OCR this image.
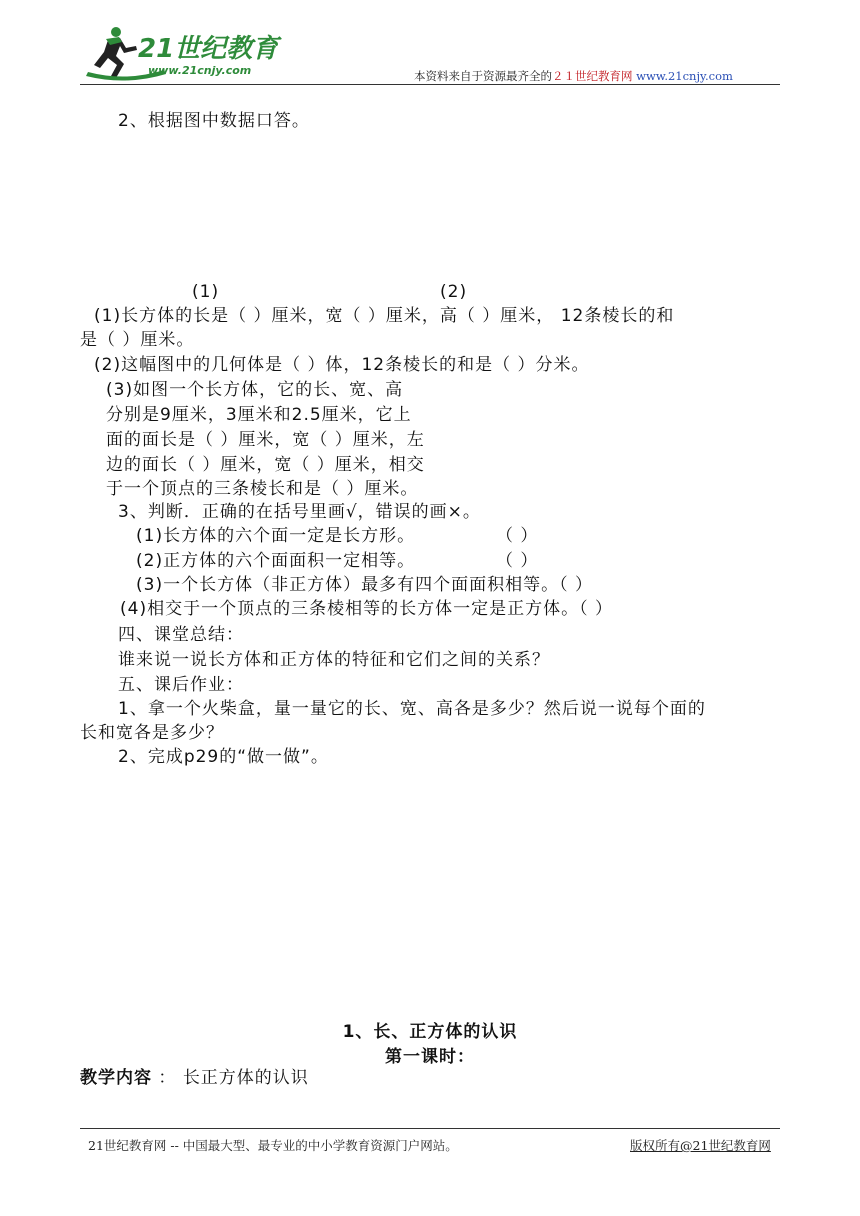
21世纪教育
www.21cnjy.com	本资料来自于资源最齐全的２１世纪教育网 www.21cnjy.com
2、根据图中数据口答。
(1)	(2)
(1)长方体的长是（ ）厘米，宽（ ）厘米，高（ ）厘米， 12条棱长的和
是（ ）厘米。
(2)这幅图中的几何体是（ ）体，12条棱长的和是（ ）分米。
(3)如图一个长方体，它的长、宽、高
分别是9厘米，3厘米和2.5厘米，它上
面的面长是（ ）厘米，宽（ ）厘米，左
边的面长（ ）厘米，宽（ ）厘米，相交
于一个顶点的三条棱长和是（ ）厘米。
3、判断．正确的在括号里画√，错误的画×。
(1)长方体的六个面一定是长方形。	（ ）
(2)正方体的六个面面积一定相等。	（ ）
(3)一个长方体（非正方体）最多有四个面面积相等。（ ）
(4)相交于一个顶点的三条棱相等的长方体一定是正方体。（ ）
四、课堂总结：
谁来说一说长方体和正方体的特征和它们之间的关系？
五、课后作业：
1、拿一个火柴盒，量一量它的长、宽、高各是多少？然后说一说每个面的
长和宽各是多少？
2、完成p29的“做一做”。
1、长、正方体的认识
第一课时：
教学内容 ： 长正方体的认识
21世纪教育网 -- 中国最大型、最专业的中小学教育资源门户网站。	版权所有@21世纪教育网
